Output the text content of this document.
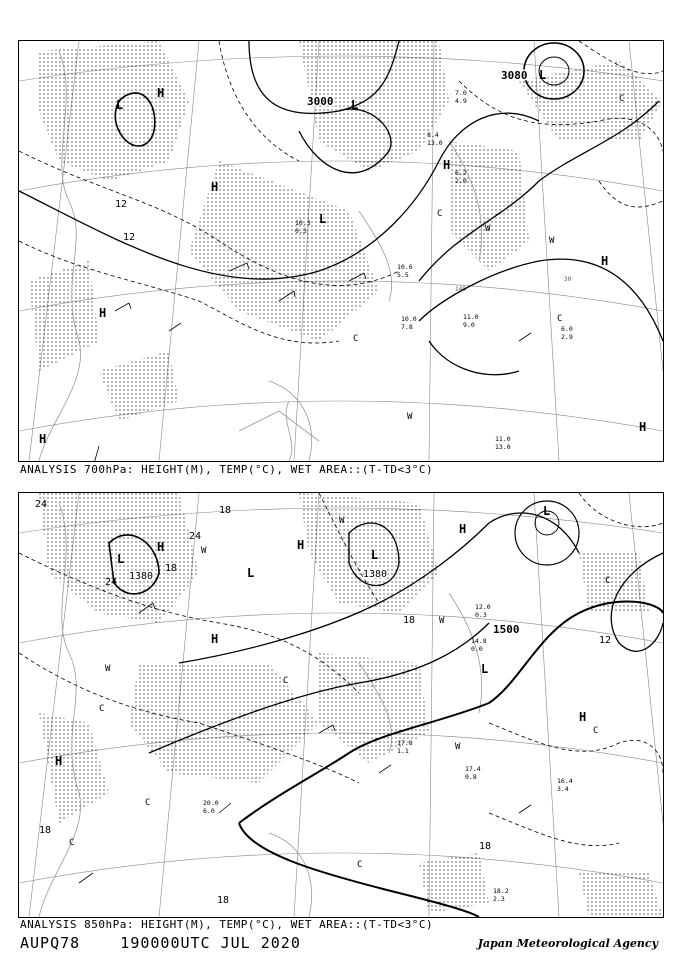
140
30
3000
3080
12
12
H
H
L
L
H
L
H
H
H
H
L
C
W
W
C
C
W
C
10.3
0.3
11.0
9.0	6.0
2.9
11.0
13.0
8.4
13.0
6.2
2.0
7.0
4.9
10.0
7.8
10.6
5.5
ANALYSIS 700hPa: HEIGHT(M), TEMP(°C), WET AREA::(T-TD<3°C)
1380	1380
1500
24
24
24
18
18
18
12
18
18
18
H
H
L
L
H
L
L
H
H
L
H
W
C
C
W
W
C
C
C
C
C
W
W
17.4
0.8	16.4
3.4
18.2
2.3
20.0
6.0
17.8
1.1
14.8
0.0
12.0
0.3
ANALYSIS 850hPa: HEIGHT(M), TEMP(°C), WET AREA::(T-TD<3°C)
AUPQ78    190000UTC JUL 2020	Japan Meteorological Agency
